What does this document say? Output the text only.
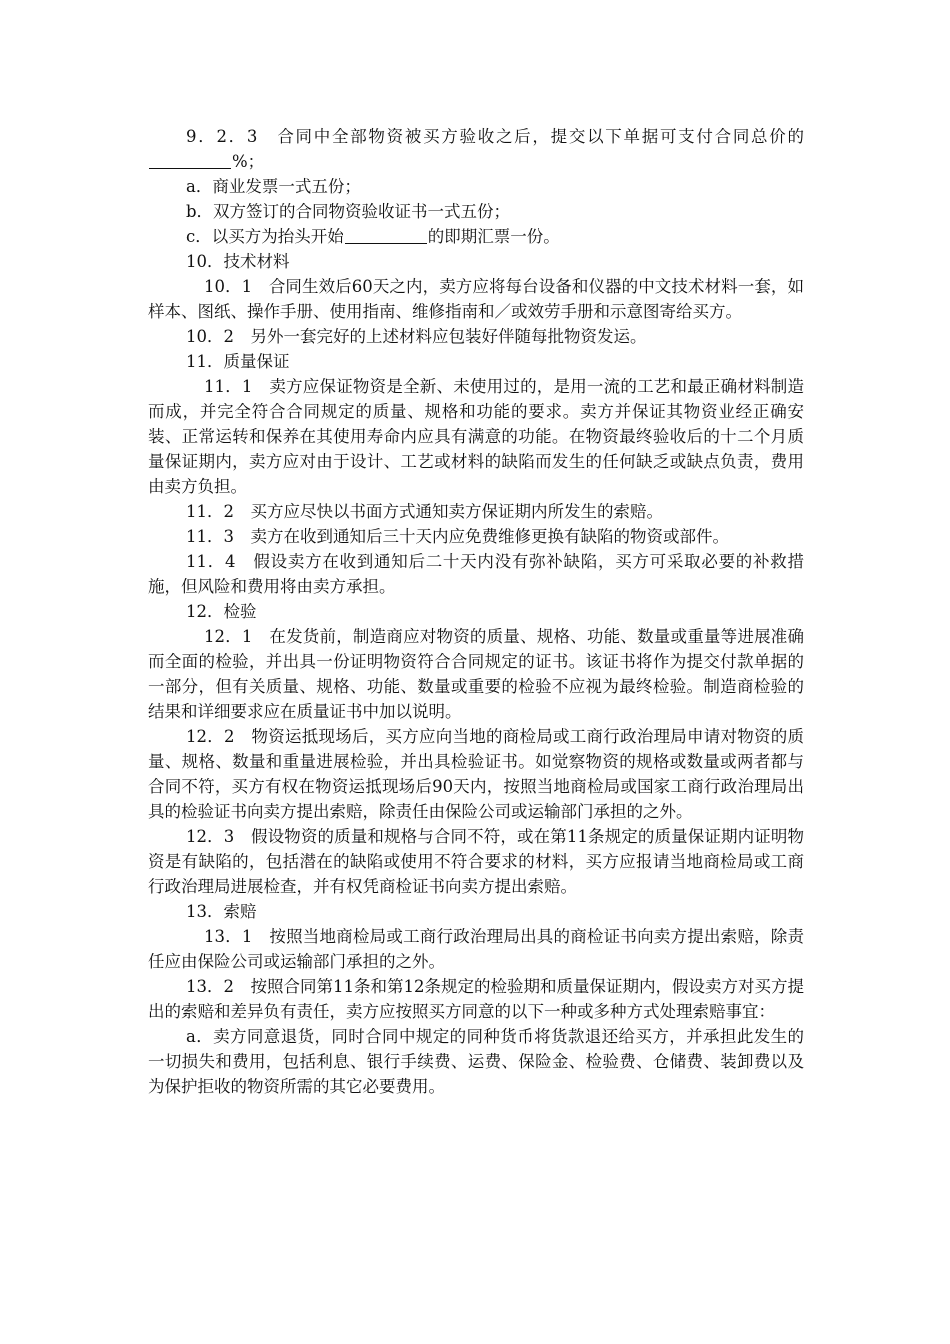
9．2．3　合同中全部物资被买方验收之后，提交以下单据可支付合同总价的%；

a．商业发票一式五份；

b．双方签订的合同物资验收证书一式五份；

c．以买方为抬头开始	的即期汇票一份。

10．技术材料

10．1　合同生效后60天之内，卖方应将每台设备和仪器的中文技术材料一套，如样本、图纸、操作手册、使用指南、维修指南和／或效劳手册和示意图寄给买方。

10．2　另外一套完好的上述材料应包装好伴随每批物资发运。

11．质量保证

11．1　卖方应保证物资是全新、未使用过的，是用一流的工艺和最正确材料制造而成，并完全符合合同规定的质量、规格和功能的要求。卖方并保证其物资业经正确安装、正常运转和保养在其使用寿命内应具有满意的功能。在物资最终验收后的十二个月质量保证期内，卖方应对由于设计、工艺或材料的缺陷而发生的任何缺乏或缺点负责，费用由卖方负担。

11．2　买方应尽快以书面方式通知卖方保证期内所发生的索赔。

11．3　卖方在收到通知后三十天内应免费维修更换有缺陷的物资或部件。

11．4　假设卖方在收到通知后二十天内没有弥补缺陷，买方可采取必要的补救措施，但风险和费用将由卖方承担。

12．检验

12．1　在发货前，制造商应对物资的质量、规格、功能、数量或重量等进展准确而全面的检验，并出具一份证明物资符合合同规定的证书。该证书将作为提交付款单据的一部分，但有关质量、规格、功能、数量或重要的检验不应视为最终检验。制造商检验的结果和详细要求应在质量证书中加以说明。

12．2　物资运抵现场后，买方应向当地的商检局或工商行政治理局申请对物资的质量、规格、数量和重量进展检验，并出具检验证书。如觉察物资的规格或数量或两者都与合同不符，买方有权在物资运抵现场后90天内，按照当地商检局或国家工商行政治理局出具的检验证书向卖方提出索赔，除责任由保险公司或运输部门承担的之外。

12．3　假设物资的质量和规格与合同不符，或在第11条规定的质量保证期内证明物资是有缺陷的，包括潜在的缺陷或使用不符合要求的材料，买方应报请当地商检局或工商行政治理局进展检查，并有权凭商检证书向卖方提出索赔。

13．索赔

13．1　按照当地商检局或工商行政治理局出具的商检证书向卖方提出索赔，除责任应由保险公司或运输部门承担的之外。

13．2　按照合同第11条和第12条规定的检验期和质量保证期内，假设卖方对买方提出的索赔和差异负有责任，卖方应按照买方同意的以下一种或多种方式处理索赔事宜：

a．卖方同意退货，同时合同中规定的同种货币将货款退还给买方，并承担此发生的一切损失和费用，包括利息、银行手续费、运费、保险金、检验费、仓储费、装卸费以及为保护拒收的物资所需的其它必要费用。
